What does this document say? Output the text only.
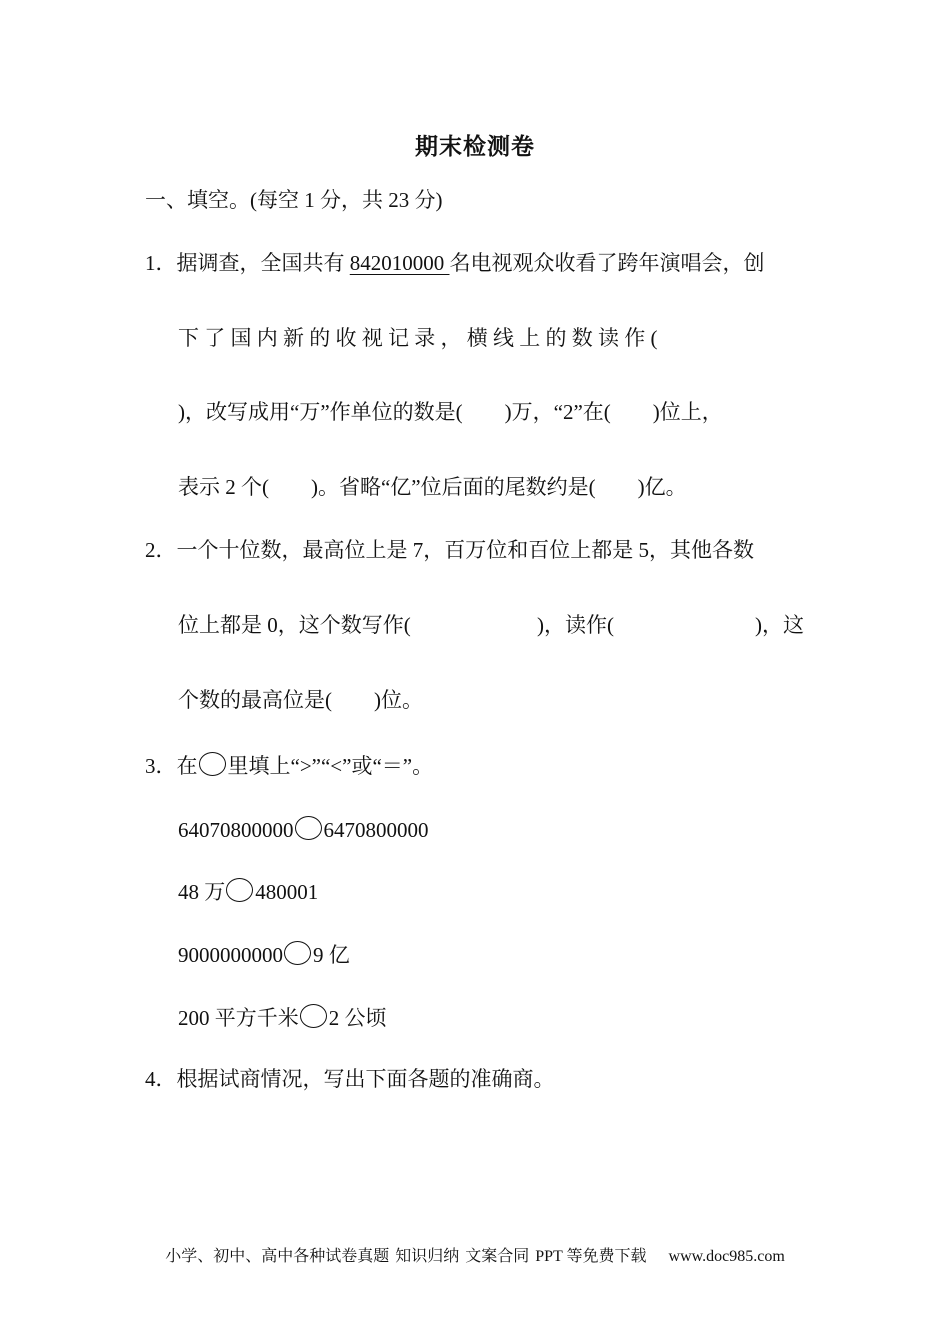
期末检测卷
一、填空。(每空 1 分，共 23 分)
1．据调查，全国共有 842010000 名电视观众收看了跨年演唱会，创
下 了 国 内 新 的 收 视 记 录 ， 横 线 上 的 数 读 作 (
)，改写成用“万”作单位的数是(　　)万，“2”在(　　)位上，
表示 2 个(　　)。省略“亿”位后面的尾数约是(　　)亿。
2．一个十位数，最高位上是 7，百万位和百位上都是 5，其他各数
位上都是 0，这个数写作(	)，读作(	)，这
个数的最高位是(　　)位。
3．在 里填上“>”“<”或“＝”。
64070800000 6470800000
48 万 480001
9000000000 9 亿
200 平方千米 2 公顷
4．根据试商情况，写出下面各题的准确商。
小学、初中、高中各种试卷真题 知识归纳 文案合同 PPT 等免费下载 www.doc985.com
